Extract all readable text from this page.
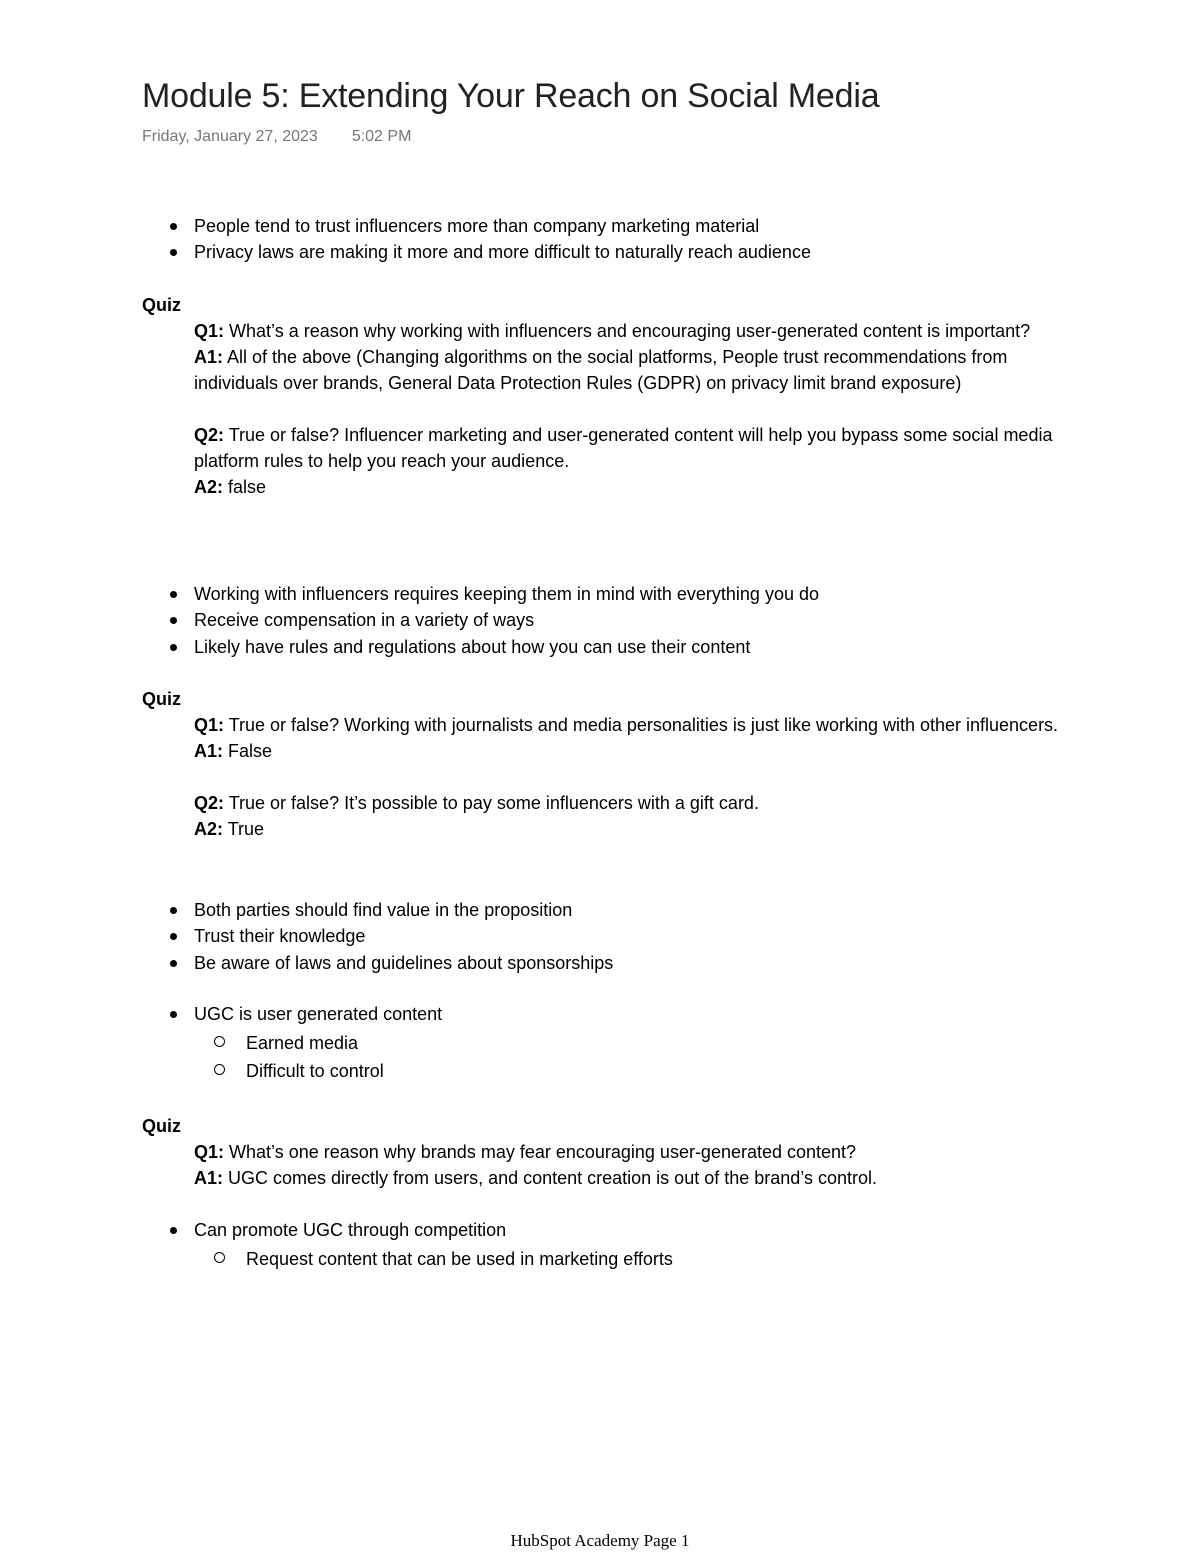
Module 5: Extending Your Reach on Social Media
Friday, January 27, 2023 5:02 PM
People tend to trust influencers more than company marketing material
Privacy laws are making it more and more difficult to naturally reach audience
Quiz

Q1: What’s a reason why working with influencers and encouraging user-generated content is important?

A1: All of the above (Changing algorithms on the social platforms, People trust recommendations from individuals over brands, General Data Protection Rules (GDPR) on privacy limit brand exposure)

Q2: True or false? Influencer marketing and user-generated content will help you bypass some social media platform rules to help you reach your audience.

A2: false

Working with influencers requires keeping them in mind with everything you do
Receive compensation in a variety of ways
Likely have rules and regulations about how you can use their content
Quiz

Q1: True or false? Working with journalists and media personalities is just like working with other influencers.

A1: False

Q2: True or false? It’s possible to pay some influencers with a gift card.

A2: True

Both parties should find value in the proposition
Trust their knowledge
Be aware of laws and guidelines about sponsorships
UGC is user generated content
Earned media
Difficult to control
Quiz

Q1: What’s one reason why brands may fear encouraging user-generated content?

A1: UGC comes directly from users, and content creation is out of the brand’s control.

Can promote UGC through competition
Request content that can be used in marketing efforts
HubSpot Academy Page 1
